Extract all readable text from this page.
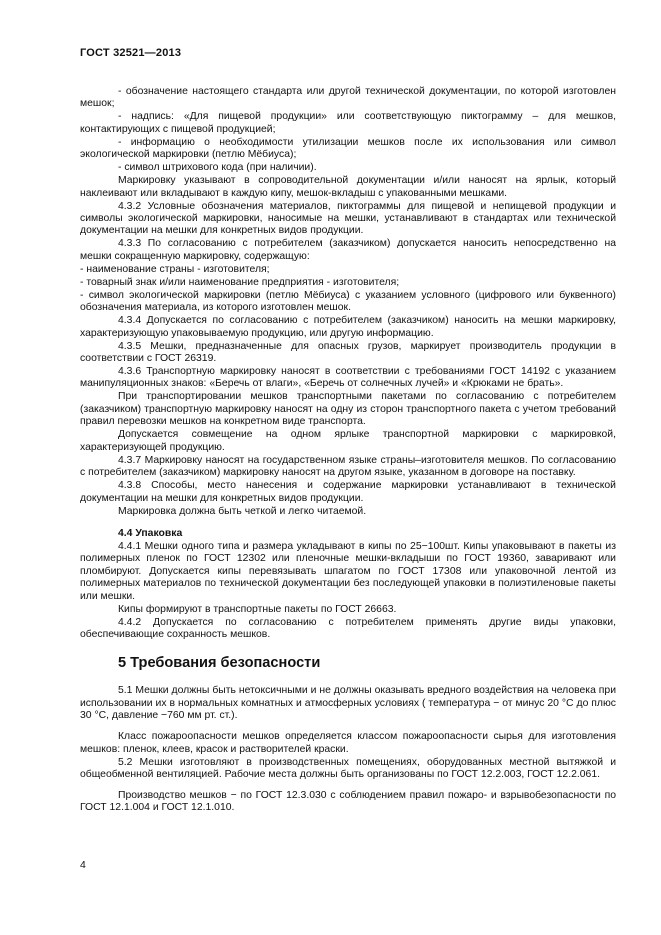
ГОСТ 32521—2013
- обозначение настоящего стандарта или другой технической документации, по которой изготовлен мешок;
- надпись: «Для пищевой продукции» или соответствующую пиктограмму – для мешков, контактирующих с пищевой продукцией;
- информацию о необходимости утилизации мешков после их использования или символ экологической маркировки (петлю Мёбиуса);
- символ штрихового кода (при наличии).
Маркировку указывают в сопроводительной документации и/или наносят на ярлык, который наклеивают или вкладывают в каждую кипу, мешок-вкладыш с упакованными мешками.
4.3.2 Условные обозначения материалов, пиктограммы для пищевой и непищевой продукции и символы экологической маркировки, наносимые на мешки, устанавливают в стандартах или технической документации на мешки для конкретных видов продукции.
4.3.3 По согласованию с потребителем (заказчиком) допускается наносить непосредственно на мешки сокращенную маркировку, содержащую:
- наименование страны - изготовителя;
- товарный знак и/или наименование предприятия - изготовителя;
- символ экологической маркировки (петлю Мёбиуса) с указанием условного (цифрового или буквенного) обозначения материала, из которого изготовлен мешок.
4.3.4 Допускается по согласованию с потребителем (заказчиком) наносить на мешки маркировку, характеризующую упаковываемую продукцию, или другую информацию.
4.3.5 Мешки, предназначенные для опасных грузов, маркирует производитель продукции в соответствии с ГОСТ 26319.
4.3.6 Транспортную маркировку наносят в соответствии с требованиями ГОСТ 14192 с указанием манипуляционных знаков: «Беречь от влаги», «Беречь от солнечных лучей» и «Крюками не брать».
При транспортировании мешков транспортными пакетами по согласованию с потребителем (заказчиком) транспортную маркировку наносят на одну из сторон транспортного пакета с учетом требований правил перевозки мешков на конкретном виде транспорта.
Допускается совмещение на одном ярлыке транспортной маркировки с маркировкой, характеризующей продукцию.
4.3.7 Маркировку наносят на государственном языке страны–изготовителя мешков. По согласованию с потребителем (заказчиком) маркировку наносят на другом языке, указанном в договоре на поставку.
4.3.8 Способы, место нанесения и содержание маркировки устанавливают в технической документации на мешки для конкретных видов продукции.
Маркировка должна быть четкой и легко читаемой.
4.4 Упаковка
4.4.1 Мешки одного типа и размера укладывают в кипы по 25−100шт. Кипы упаковывают в пакеты из полимерных пленок по ГОСТ 12302 или пленочные мешки-вкладыши по ГОСТ 19360, заваривают или пломбируют. Допускается кипы перевязывать шпагатом по ГОСТ 17308 или упаковочной лентой из полимерных материалов по технической документации без последующей упаковки в полиэтиленовые пакеты или мешки.
Кипы формируют в транспортные пакеты по ГОСТ 26663.
4.4.2 Допускается по согласованию с потребителем применять другие виды упаковки, обеспечивающие сохранность мешков.
5 Требования безопасности
5.1 Мешки должны быть нетоксичными и не должны оказывать вредного воздействия на человека при использовании их в нормальных комнатных и атмосферных условиях ( температура − от минус 20 °С до плюс 30 °С, давление −760 мм рт. ст.).
Класс пожароопасности мешков определяется классом пожароопасности сырья для изготовления мешков: пленок, клеев, красок и растворителей краски.
5.2 Мешки изготовляют в производственных помещениях, оборудованных местной вытяжкой и общеобменной вентиляцией. Рабочие места должны быть организованы по ГОСТ 12.2.003, ГОСТ 12.2.061.
Производство мешков − по ГОСТ 12.3.030 с соблюдением правил пожаро- и взрывобезопасности по ГОСТ 12.1.004 и ГОСТ 12.1.010.
4
